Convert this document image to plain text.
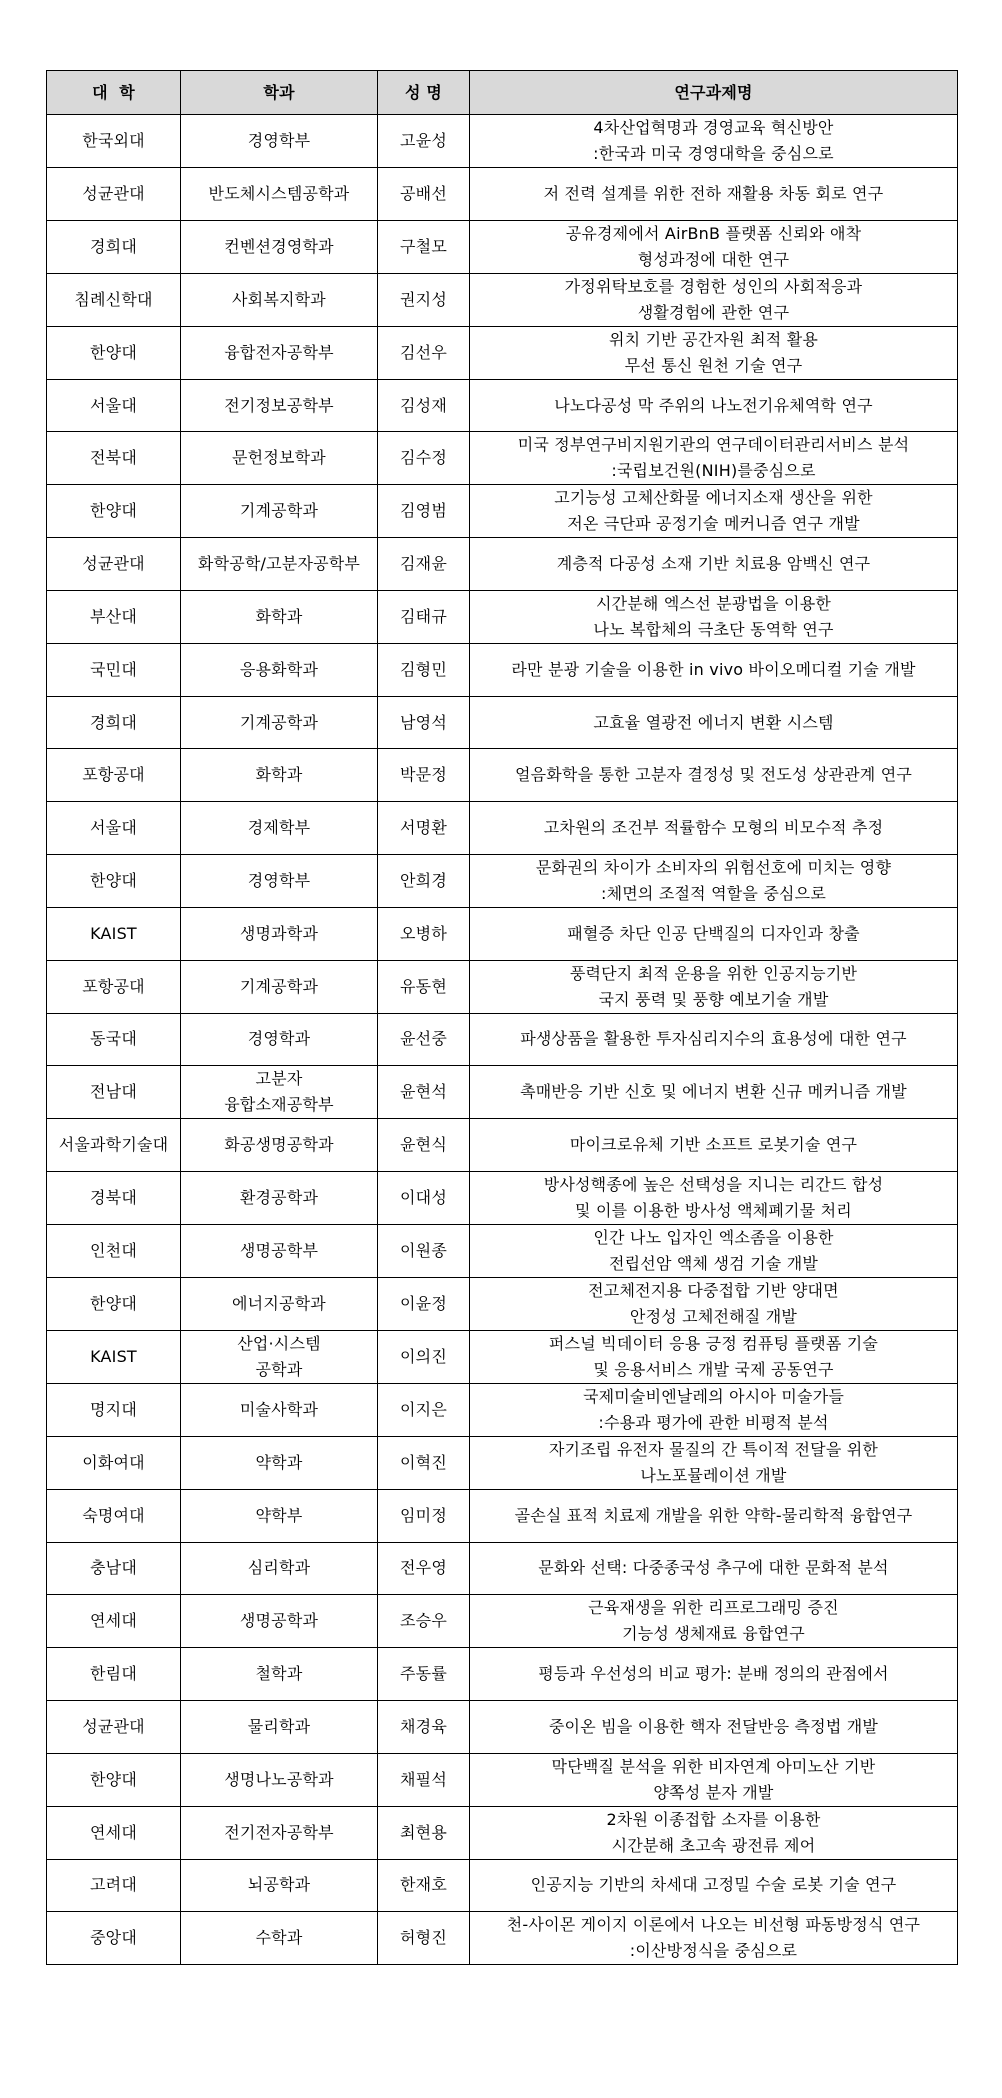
대  학	학과	성 명	연구과제명
한국외대	경영학부	고윤성	4차산업혁명과 경영교육 혁신방안
:한국과 미국 경영대학을 중심으로

성균관대	반도체시스템공학과	공배선	저 전력 설계를 위한 전하 재활용 차동 회로 연구

경희대	컨벤션경영학과	구철모	공유경제에서 AirBnB 플랫폼 신뢰와 애착
형성과정에 대한 연구

침례신학대	사회복지학과	권지성	가정위탁보호를 경험한 성인의 사회적응과
생활경험에 관한 연구

한양대	융합전자공학부	김선우	위치 기반 공간자원 최적 활용
무선 통신 원천 기술 연구

서울대	전기정보공학부	김성재	나노다공성 막 주위의 나노전기유체역학 연구

전북대	문헌정보학과	김수정	미국 정부연구비지원기관의 연구데이터관리서비스 분석
:국립보건원(NIH)를중심으로

한양대	기계공학과	김영범	고기능성 고체산화물 에너지소재 생산을 위한
저온 극단파 공정기술 메커니즘 연구 개발

성균관대	화학공학/고분자공학부	김재윤	계층적 다공성 소재 기반 치료용 암백신 연구

부산대	화학과	김태규	시간분해 엑스선 분광법을 이용한
나노 복합체의 극초단 동역학 연구

국민대	응용화학과	김형민	라만 분광 기술을 이용한 in vivo 바이오메디컬 기술 개발

경희대	기계공학과	남영석	고효율 열광전 에너지 변환 시스템

포항공대	화학과	박문정	얼음화학을 통한 고분자 결정성 및 전도성 상관관계 연구

서울대	경제학부	서명환	고차원의 조건부 적률함수 모형의 비모수적 추정

한양대	경영학부	안희경	문화권의 차이가 소비자의 위험선호에 미치는 영향
:체면의 조절적 역할을 중심으로

KAIST	생명과학과	오병하	패혈증 차단 인공 단백질의 디자인과 창출

포항공대	기계공학과	유동현	풍력단지 최적 운용을 위한 인공지능기반
국지 풍력 및 풍향 예보기술 개발

동국대	경영학과	윤선중	파생상품을 활용한 투자심리지수의 효용성에 대한 연구

전남대	고분자
융합소재공학부	윤현석	촉매반응 기반 신호 및 에너지 변환 신규 메커니즘 개발

서울과학기술대	화공생명공학과	윤현식	마이크로유체 기반 소프트 로봇기술 연구

경북대	환경공학과	이대성	방사성핵종에 높은 선택성을 지니는 리간드 합성
및 이를 이용한 방사성 액체폐기물 처리

인천대	생명공학부	이원종	인간 나노 입자인 엑소좀을 이용한
전립선암 액체 생검 기술 개발

한양대	에너지공학과	이윤정	전고체전지용 다중접합 기반 양대면
안정성 고체전해질 개발

KAIST	산업·시스템
공학과	이의진	퍼스널 빅데이터 응용 긍정 컴퓨팅 플랫폼 기술
및 응용서비스 개발 국제 공동연구

명지대	미술사학과	이지은	국제미술비엔날레의 아시아 미술가들
:수용과 평가에 관한 비평적 분석

이화여대	약학과	이혁진	자기조립 유전자 물질의 간 특이적 전달을 위한
나노포뮬레이션 개발

숙명여대	약학부	임미정	골손실 표적 치료제 개발을 위한 약학-물리학적 융합연구

충남대	심리학과	전우영	문화와 선택: 다중종국성 추구에 대한 문화적 분석

연세대	생명공학과	조승우	근육재생을 위한 리프로그래밍 증진
기능성 생체재료 융합연구

한림대	철학과	주동률	평등과 우선성의 비교 평가: 분배 정의의 관점에서

성균관대	물리학과	채경육	중이온 빔을 이용한 핵자 전달반응 측정법 개발

한양대	생명나노공학과	채필석	막단백질 분석을 위한 비자연계 아미노산 기반
양쪽성 분자 개발

연세대	전기전자공학부	최현용	2차원 이종접합 소자를 이용한
시간분해 초고속 광전류 제어

고려대	뇌공학과	한재호	인공지능 기반의 차세대 고정밀 수술 로봇 기술 연구

중앙대	수학과	허형진	천-사이몬 게이지 이론에서 나오는 비선형 파동방정식 연구
:이산방정식을 중심으로
